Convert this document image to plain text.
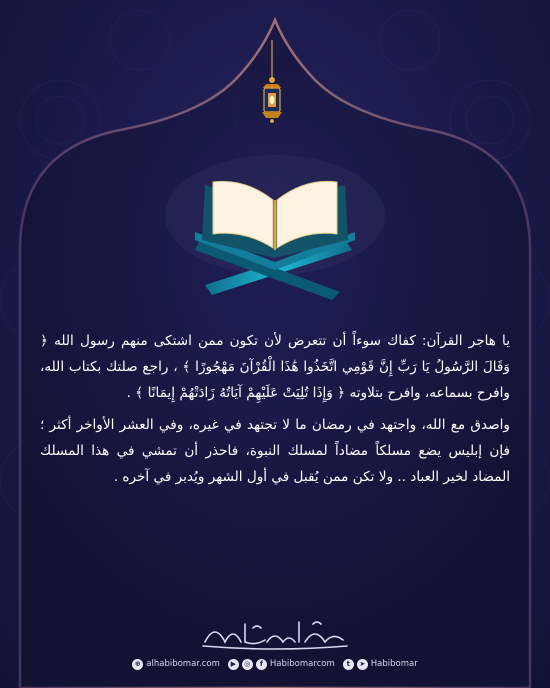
يا هاجر القرآن: كفاك سوءاً أن تتعرض لأن تكون ممن اشتكى منهم رسول الله ﴿ وَقَالَ الرَّسُولُ يَا رَبِّ إِنَّ قَوْمِي اتَّخَذُوا هَٰذَا الْقُرْآنَ مَهْجُورًا ﴾ ، راجع صلتك بكتاب الله، وافرح بسماعه، وافرح بتلاوته ﴿ وَإِذَا تُلِيَتْ عَلَيْهِمْ آيَاتُهُ زَادَتْهُمْ إِيمَانًا ﴾ .

واصدق مع الله، واجتهد في رمضان ما لا تجتهد في غيره، وفي العشر الأواخر أكثر ؛ فإن إبليس يضع مسلكاً مضاداً لمسلك النبوة، فاحذر أن تمشي في هذا المسلك المضاد لخير العباد .. ولا تكن ممن يُقبل في أول الشهر ويُدبر في آخره .

⊕ alhabibomar.com	▶	◎	f Habibomarcom	t	➤ Habibomar
